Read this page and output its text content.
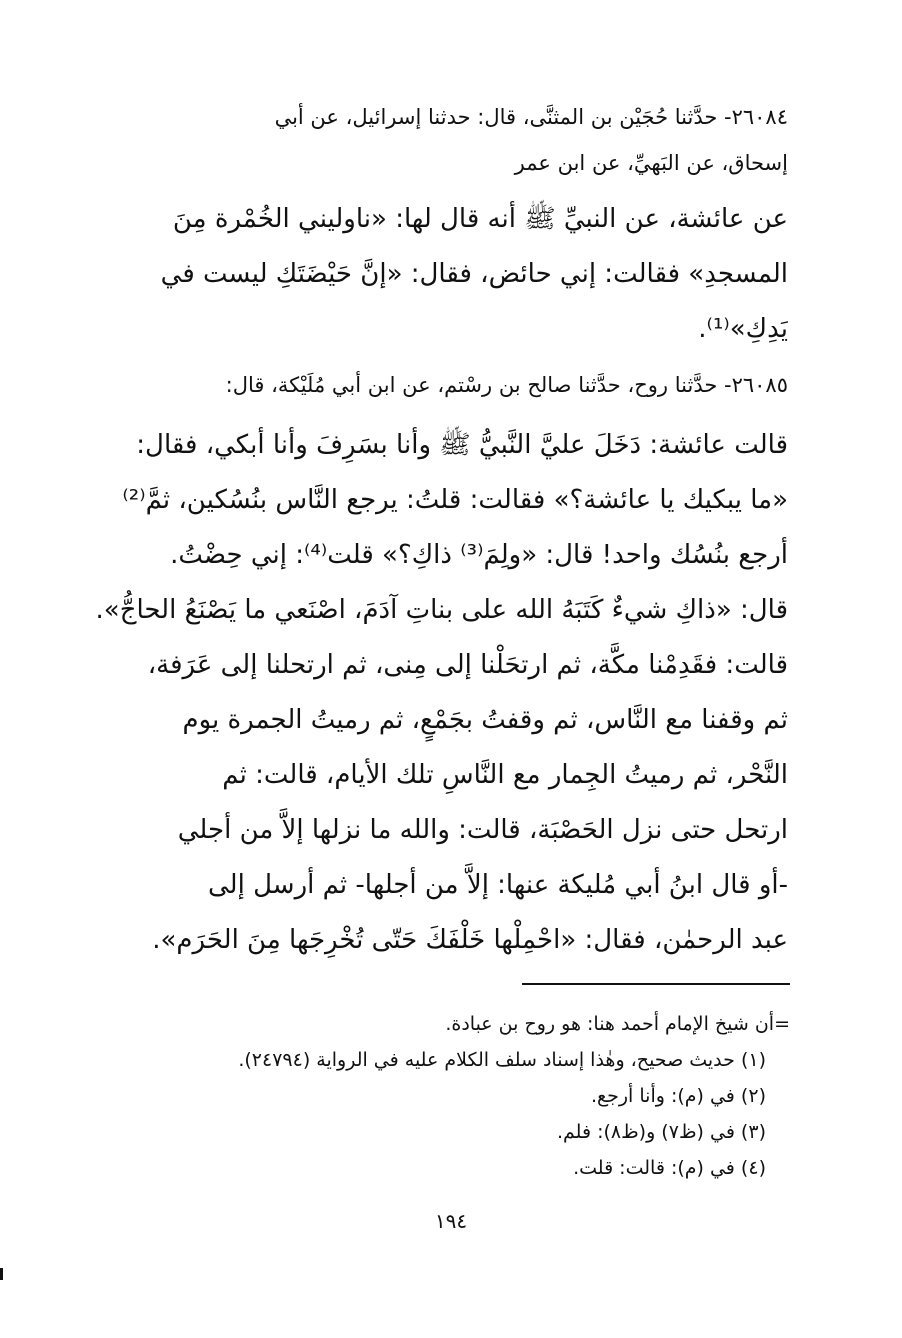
٢٦٠٨٤- حدَّثنا حُجَيْن بن المثنَّى، قال: حدثنا إسرائيل، عن أبي
إسحاق، عن البَهيِّ، عن ابن عمر
عن عائشة، عن النبيِّ ﷺ أنه قال لها: «ناوليني الخُمْرة مِنَ
المسجدِ» فقالت: إني حائض، فقال: «إنَّ حَيْضَتَكِ ليست في
يَدِكِ»⁽¹⁾.
٢٦٠٨٥- حدَّثنا روح، حدَّثنا صالح بن رسْتم، عن ابن أبي مُلَيْكة، قال:
قالت عائشة: دَخَلَ عليَّ النَّبيُّ ﷺ وأنا بسَرِفَ وأنا أبكي، فقال:
«ما يبكيك يا عائشة؟» فقالت: قلتُ: يرجع النَّاس بنُسُكين، ثمَّ⁽²⁾
أرجع بنُسُك واحد! قال: «ولِمَ⁽³⁾ ذاكِ؟» قلت⁽⁴⁾: إني حِضْتُ.
قال: «ذاكِ شيءٌ كَتَبَهُ الله على بناتِ آدَمَ، اصْنَعي ما يَصْنَعُ الحاجُّ».
قالت: فقَدِمْنا مكَّة، ثم ارتحَلْنا إلى مِنى، ثم ارتحلنا إلى عَرَفة،
ثم وقفنا مع النَّاس، ثم وقفتُ بجَمْعٍ، ثم رميتُ الجمرة يوم
النَّحْر، ثم رميتُ الجِمار مع النَّاسِ تلك الأيام، قالت: ثم
ارتحل حتى نزل الحَصْبَة، قالت: والله ما نزلها إلاَّ من أجلي
-أو قال ابنُ أبي مُليكة عنها: إلاَّ من أجلها- ثم أرسل إلى
عبد الرحمٰن، فقال: «احْمِلْها خَلْفَكَ حَتّى تُخْرِجَها مِنَ الحَرَم».
=أن شيخ الإمام أحمد هنا: هو روح بن عبادة.
(١) حديث صحيح، وهٰذا إسناد سلف الكلام عليه في الرواية (٢٤٧٩٤).
(٢) في (م): وأنا أرجع.
(٣) في (ظ٧) و(ظ٨): فلم.
(٤) في (م): قالت: قلت.
١٩٤
